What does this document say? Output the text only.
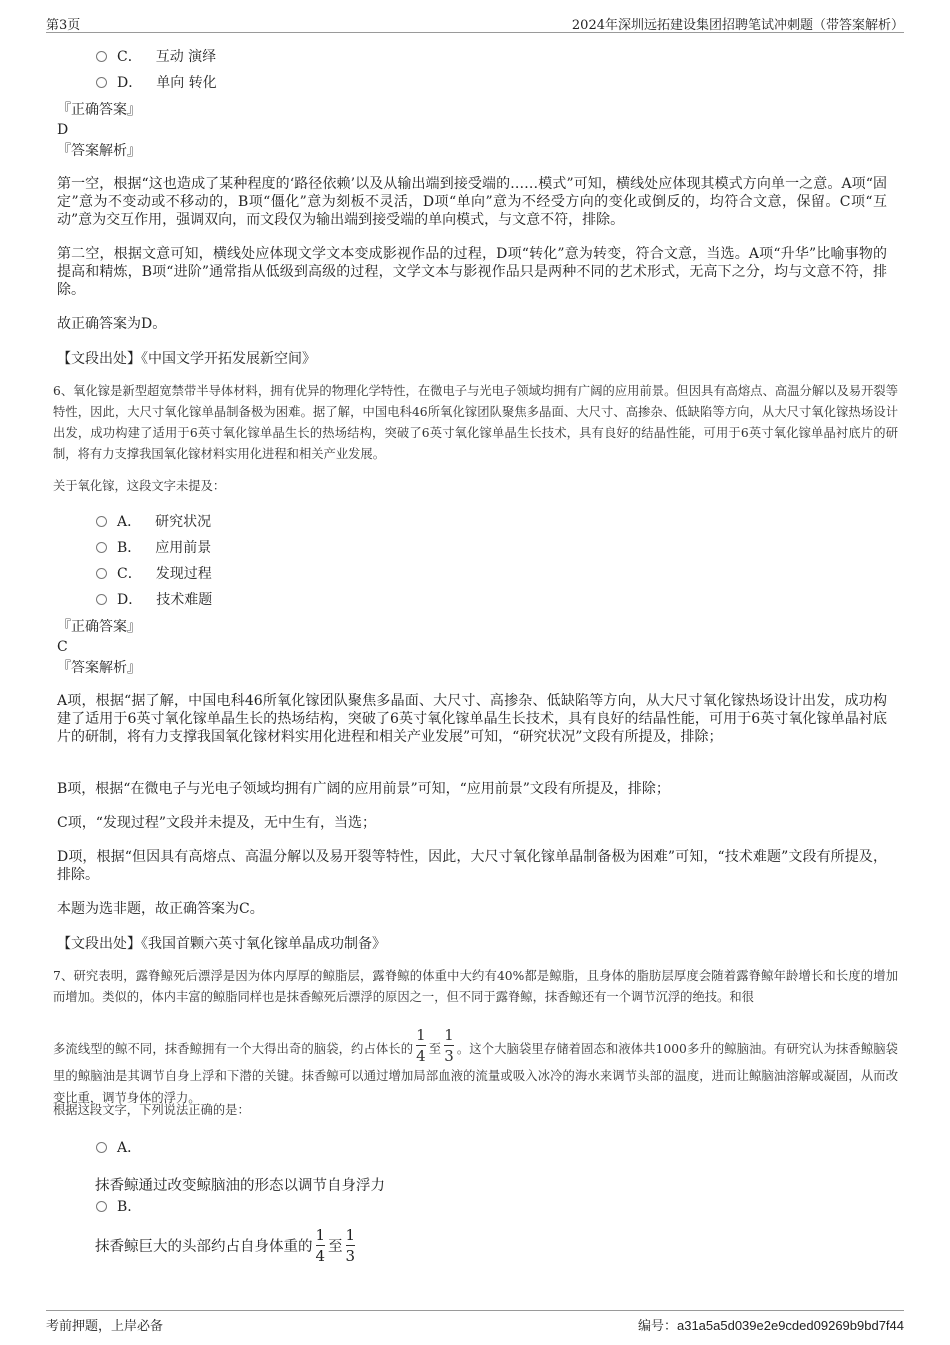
第3页	2024年深圳远拓建设集团招聘笔试冲刺题（带答案解析）
C． 互动 演绎
D． 单向 转化
『正确答案』
D
『答案解析』
第一空，根据“这也造成了某种程度的‘路径依赖’以及从输出端到接受端的……模式”可知，横线处应体现其模式方向单一之意。A项“固定”意为不变动或不移动的，B项“僵化”意为刻板不灵活，D项“单向”意为不经受方向的变化或倒反的，均符合文意，保留。C项“互动”意为交互作用，强调双向，而文段仅为输出端到接受端的单向模式，与文意不符，排除。
第二空，根据文意可知，横线处应体现文学文本变成影视作品的过程，D项“转化”意为转变，符合文意，当选。A项“升华”比喻事物的提高和精炼，B项“进阶”通常指从低级到高级的过程，文学文本与影视作品只是两种不同的艺术形式，无高下之分，均与文意不符，排除。
故正确答案为D。
【文段出处】《中国文学开拓发展新空间》
6、氧化镓是新型超宽禁带半导体材料，拥有优异的物理化学特性，在微电子与光电子领域均拥有广阔的应用前景。但因具有高熔点、高温分解以及易开裂等特性，因此，大尺寸氧化镓单晶制备极为困难。据了解，中国电科46所氧化镓团队聚焦多晶面、大尺寸、高掺杂、低缺陷等方向，从大尺寸氧化镓热场设计出发，成功构建了适用于6英寸氧化镓单晶生长的热场结构，突破了6英寸氧化镓单晶生长技术，具有良好的结晶性能，可用于6英寸氧化镓单晶衬底片的研制，将有力支撑我国氧化镓材料实用化进程和相关产业发展。
关于氧化镓，这段文字未提及：
A． 研究状况
B． 应用前景
C． 发现过程
D． 技术难题
『正确答案』
C
『答案解析』
A项，根据“据了解，中国电科46所氧化镓团队聚焦多晶面、大尺寸、高掺杂、低缺陷等方向，从大尺寸氧化镓热场设计出发，成功构建了适用于6英寸氧化镓单晶生长的热场结构，突破了6英寸氧化镓单晶生长技术，具有良好的结晶性能，可用于6英寸氧化镓单晶衬底片的研制，将有力支撑我国氧化镓材料实用化进程和相关产业发展”可知，“研究状况”文段有所提及，排除；
B项，根据“在微电子与光电子领域均拥有广阔的应用前景”可知，“应用前景”文段有所提及，排除；
C项，“发现过程”文段并未提及，无中生有，当选；
D项，根据“但因具有高熔点、高温分解以及易开裂等特性，因此，大尺寸氧化镓单晶制备极为困难”可知，“技术难题”文段有所提及，排除。
本题为选非题，故正确答案为C。
【文段出处】《我国首颗六英寸氧化镓单晶成功制备》
7、研究表明，露脊鲸死后漂浮是因为体内厚厚的鲸脂层，露脊鲸的体重中大约有40%都是鲸脂，且身体的脂肪层厚度会随着露脊鲸年龄增长和长度的增加而增加。类似的，体内丰富的鲸脂同样也是抹香鲸死后漂浮的原因之一，但不同于露脊鲸，抹香鲸还有一个调节沉浮的绝技。和很
多流线型的鲸不同，抹香鲸拥有一个大得出奇的脑袋，约占体长的 $\frac{1}{4}$ 至 $\frac{1}{3}$ 。这个大脑袋里存储着固态和液体共1000多升的鲸脑油。有研究认为抹香鲸脑袋里的鲸脑油是其调节自身上浮和下潜的关键。抹香鲸可以通过增加局部血液的流量或吸入冰冷的海水来调节头部的温度，进而让鲸脑油溶解或凝固，从而改变比重，调节身体的浮力。
根据这段文字，下列说法正确的是：
A．
抹香鲸通过改变鲸脑油的形态以调节自身浮力
B.
抹香鲸巨大的头部约占自身体重的 $\frac{1}{4}$ 至 $\frac{1}{3}$
考前押题，上岸必备	编号：a31a5a5d039e2e9cded09269b9bd7f44
